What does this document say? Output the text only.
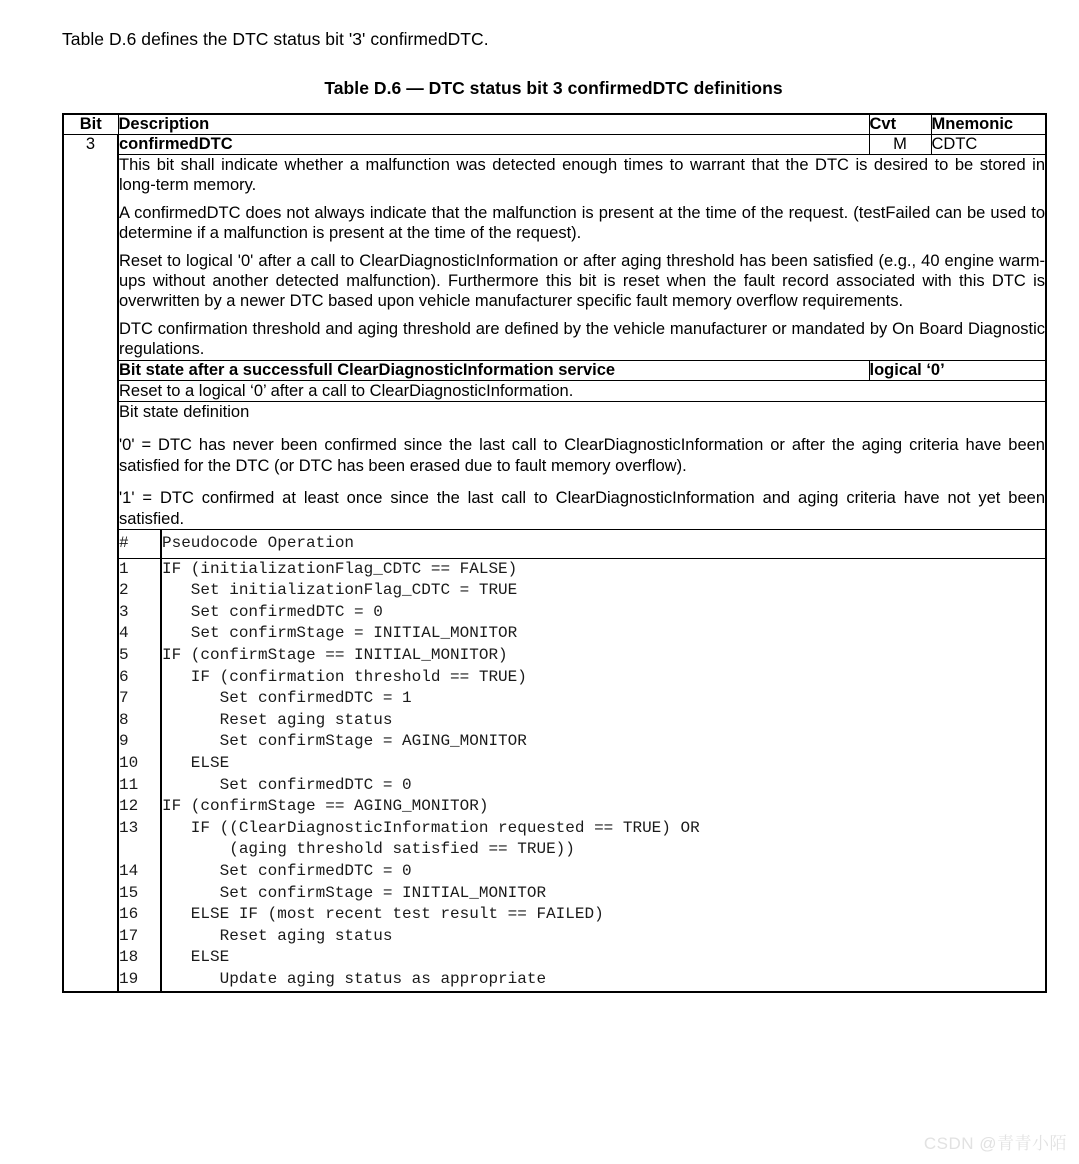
Table D.6 defines the DTC status bit '3' confirmedDTC.
Table D.6 — DTC status bit 3 confirmedDTC definitions
Bit	Description	Cvt	Mnemonic
3	confirmedDTC	M	CDTC

This bit shall indicate whether a malfunction was detected enough times to warrant that the DTC is desired to be stored in long-term memory.

A confirmedDTC does not always indicate that the malfunction is present at the time of the request. (testFailed can be used to determine if a malfunction is present at the time of the request).

Reset to logical '0' after a call to ClearDiagnosticInformation or after aging threshold has been satisfied (e.g., 40 engine warm-ups without another detected malfunction). Furthermore this bit is reset when the fault record associated with this DTC is overwritten by a newer DTC based upon vehicle manufacturer specific fault memory overflow requirements.

DTC confirmation threshold and aging threshold are defined by the vehicle manufacturer or mandated by On Board Diagnostic regulations.

Bit state after a successfull ClearDiagnosticInformation service	logical ‘0’
Reset to a logical ‘0’ after a call to ClearDiagnosticInformation.

Bit state definition

'0' = DTC has never been confirmed since the last call to ClearDiagnosticInformation or after the aging criteria have been satisfied for the DTC (or DTC has been erased due to fault memory overflow).

'1' = DTC confirmed at least once since the last call to ClearDiagnosticInformation and aging criteria have not yet been satisfied.

#	Pseudocode Operation
1	IF (initializationFlag_CDTC == FALSE)
2	Set initializationFlag_CDTC = TRUE
3	Set confirmedDTC = 0
4	Set confirmStage = INITIAL_MONITOR
5	IF (confirmStage == INITIAL_MONITOR)
6	IF (confirmation threshold == TRUE)
7	Set confirmedDTC = 1
8	Reset aging status
9	Set confirmStage = AGING_MONITOR
10	ELSE
11	Set confirmedDTC = 0
12	IF (confirmStage == AGING_MONITOR)
13	IF ((ClearDiagnosticInformation requested == TRUE) OR
	(aging threshold satisfied == TRUE))
14	Set confirmedDTC = 0
15	Set confirmStage = INITIAL_MONITOR
16	ELSE IF (most recent test result == FAILED)
17	Reset aging status
18	ELSE
19	Update aging status as appropriate
CSDN @青青小陌
